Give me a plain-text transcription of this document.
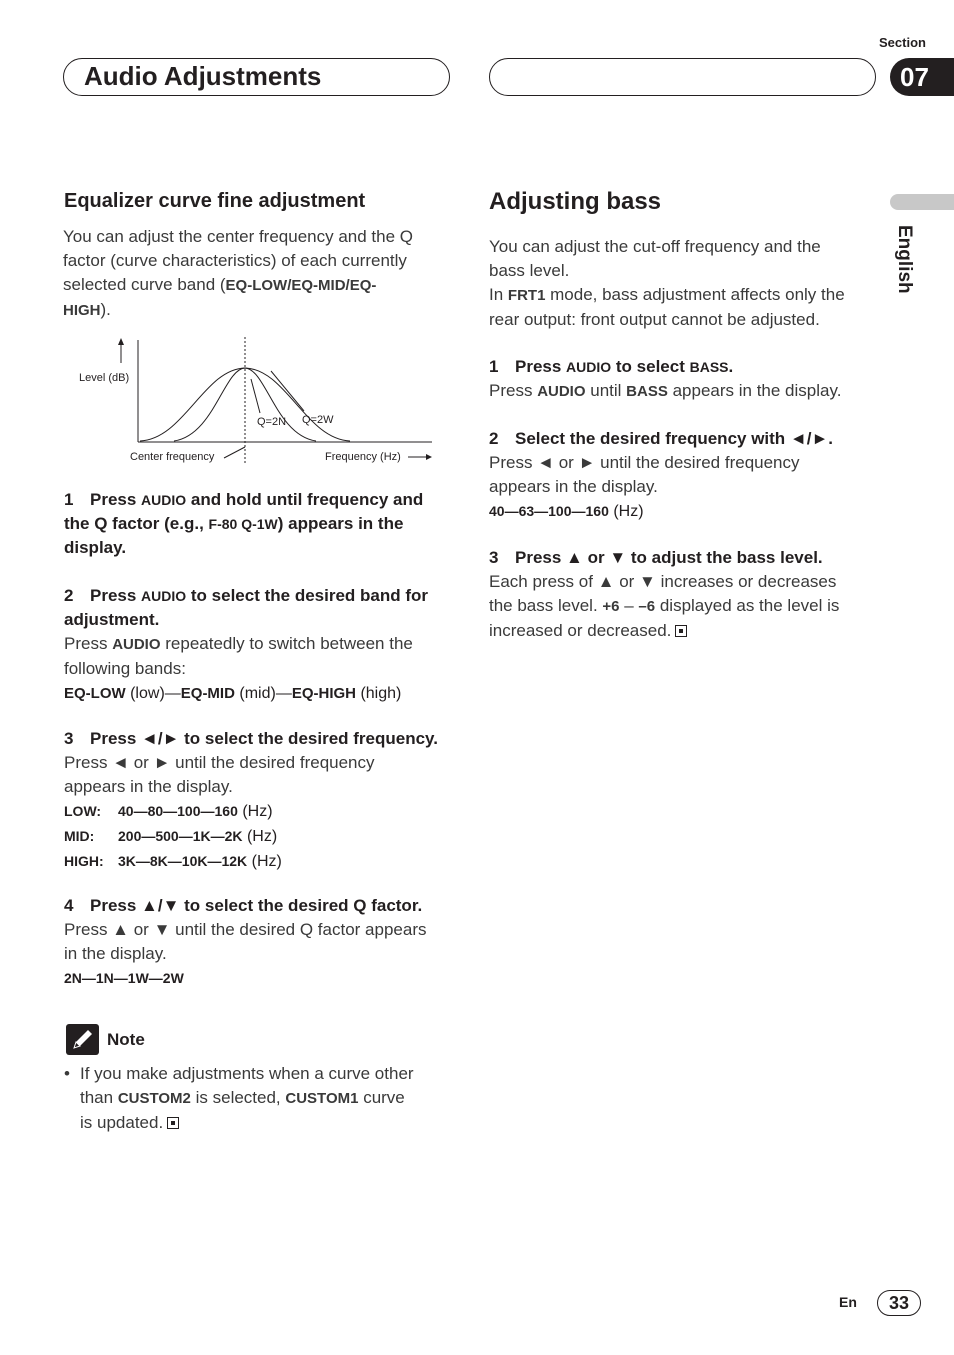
Section
Audio Adjustments	07
English
Equalizer curve fine adjustment
You can adjust the center frequency and the Q
factor (curve characteristics) of each currently
selected curve band (EQ-LOW/EQ-MID/EQ-
HIGH).
Level (dB)
Q=2N Q=2W
Center frequency	Frequency (Hz)
1 Press AUDIO and hold until frequency and
the Q factor (e.g., F-80 Q-1W) appears in the
display.
2 Press AUDIO to select the desired band for
adjustment.
Press AUDIO repeatedly to switch between the
following bands:
EQ-LOW (low)—EQ-MID (mid)—EQ-HIGH (high)
3 Press ◄/► to select the desired frequency.
Press ◄ or ► until the desired frequency
appears in the display.
LOW: 40—80—100—160 (Hz)
MID: 200—500—1K—2K (Hz)
HIGH: 3K—8K—10K—12K (Hz)
4 Press ▲/▼ to select the desired Q factor.
Press ▲ or ▼ until the desired Q factor appears
in the display.
2N—1N—1W—2W
Note
• If you make adjustments when a curve other
than CUSTOM2 is selected, CUSTOM1 curve
is updated.
Adjusting bass
You can adjust the cut-off frequency and the
bass level.
In FRT1 mode, bass adjustment affects only the
rear output: front output cannot be adjusted.
1 Press AUDIO to select BASS.
Press AUDIO until BASS appears in the display.
2 Select the desired frequency with ◄/►.
Press ◄ or ► until the desired frequency
appears in the display.
40—63—100—160 (Hz)
3 Press ▲ or ▼ to adjust the bass level.
Each press of ▲ or ▼ increases or decreases
the bass level. +6 – –6 displayed as the level is
increased or decreased.
En	33
